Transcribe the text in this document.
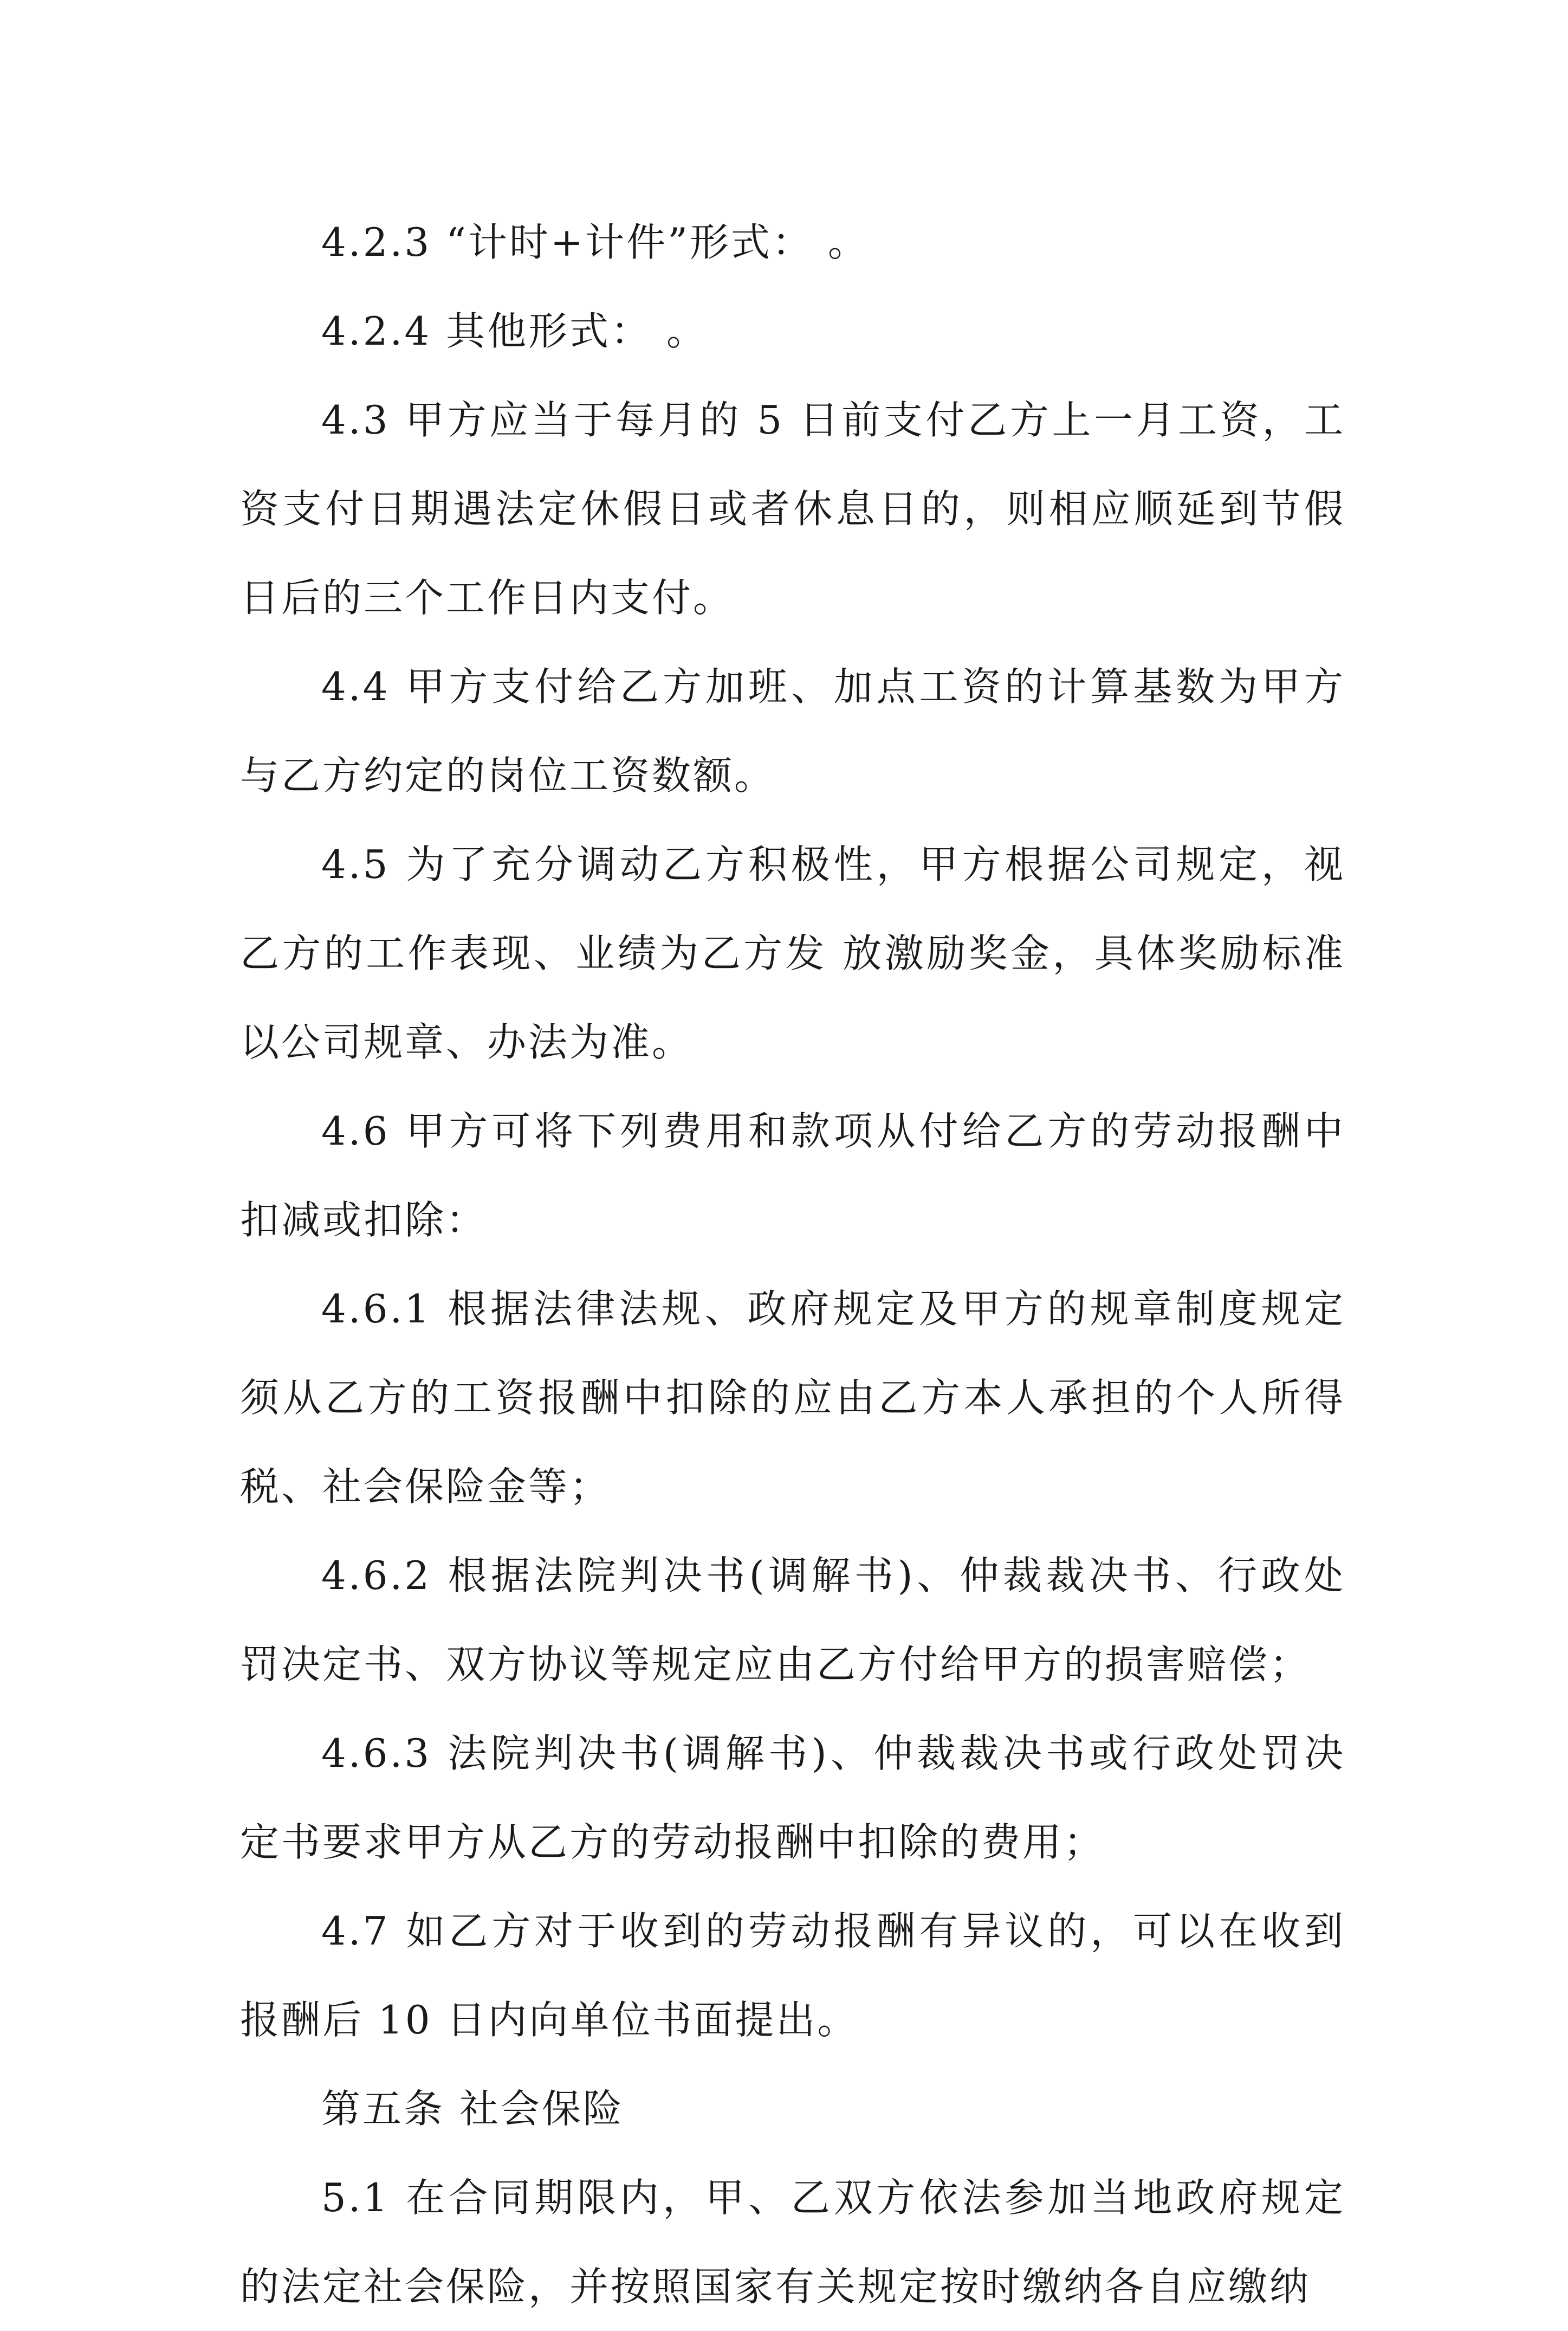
4.2.3 “计时+计件”形式： 。

4.2.4 其他形式： 。

4.3 甲方应当于每月的 5 日前支付乙方上一月工资，工资支付日期遇法定休假日或者休息日的，则相应顺延到节假日后的三个工作日内支付。

4.4 甲方支付给乙方加班、加点工资的计算基数为甲方与乙方约定的岗位工资数额。

4.5 为了充分调动乙方积极性，甲方根据公司规定，视乙方的工作表现、业绩为乙方发 放激励奖金，具体奖励标准以公司规章、办法为准。

4.6 甲方可将下列费用和款项从付给乙方的劳动报酬中扣减或扣除：

4.6.1 根据法律法规、政府规定及甲方的规章制度规定须从乙方的工资报酬中扣除的应由乙方本人承担的个人所得税、社会保险金等；

4.6.2 根据法院判决书(调解书)、仲裁裁决书、行政处罚决定书、双方协议等规定应由乙方付给甲方的损害赔偿；

4.6.3 法院判决书(调解书)、仲裁裁决书或行政处罚决定书要求甲方从乙方的劳动报酬中扣除的费用；

4.7 如乙方对于收到的劳动报酬有异议的，可以在收到报酬后 10 日内向单位书面提出。

第五条 社会保险

5.1 在合同期限内，甲、乙双方依法参加当地政府规定的法定社会保险，并按照国家有关规定按时缴纳各自应缴纳
